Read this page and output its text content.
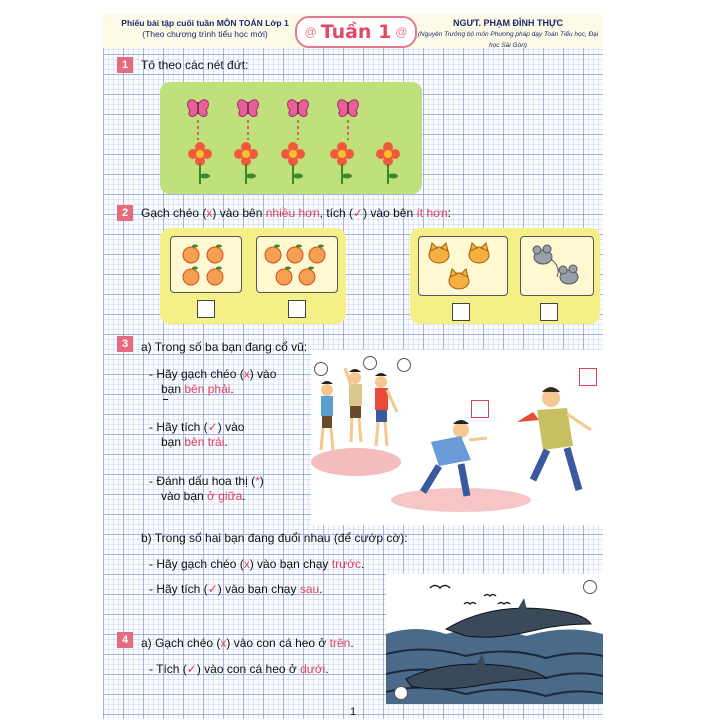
Phiếu bài tập cuối tuần MÔN TOÁN Lớp 1
(Theo chương trình tiểu học mới)	@ Tuần 1 @
NGƯT. PHẠM ĐÌNH THỰC
(Nguyên Trưởng bộ môn Phương pháp dạy Toán Tiểu học, Đại học Sài Gòn)
1	Tô theo các nét đứt:
2	Gạch chéo (x) vào bên nhiều hơn, tích (✓) vào bên ít hơn:
3	a) Trong số ba bạn đang cổ vũ:
- Hãy gạch chéo (x) vào
bạn bên phải.
- Hãy tích (✓) vào
bạn bên trái.
- Đánh dấu hoa thị (*)
vào bạn ở giữa.
b) Trong số hai bạn đang đuổi nhau (để cướp cờ):
- Hãy gạch chéo (x) vào bạn chạy trước.
- Hãy tích (✓) vào bạn chạy sau.
4	a) Gạch chéo (x) vào con cá heo ở trên.
- Tích (✓) vào con cá heo ở dưới.
1
